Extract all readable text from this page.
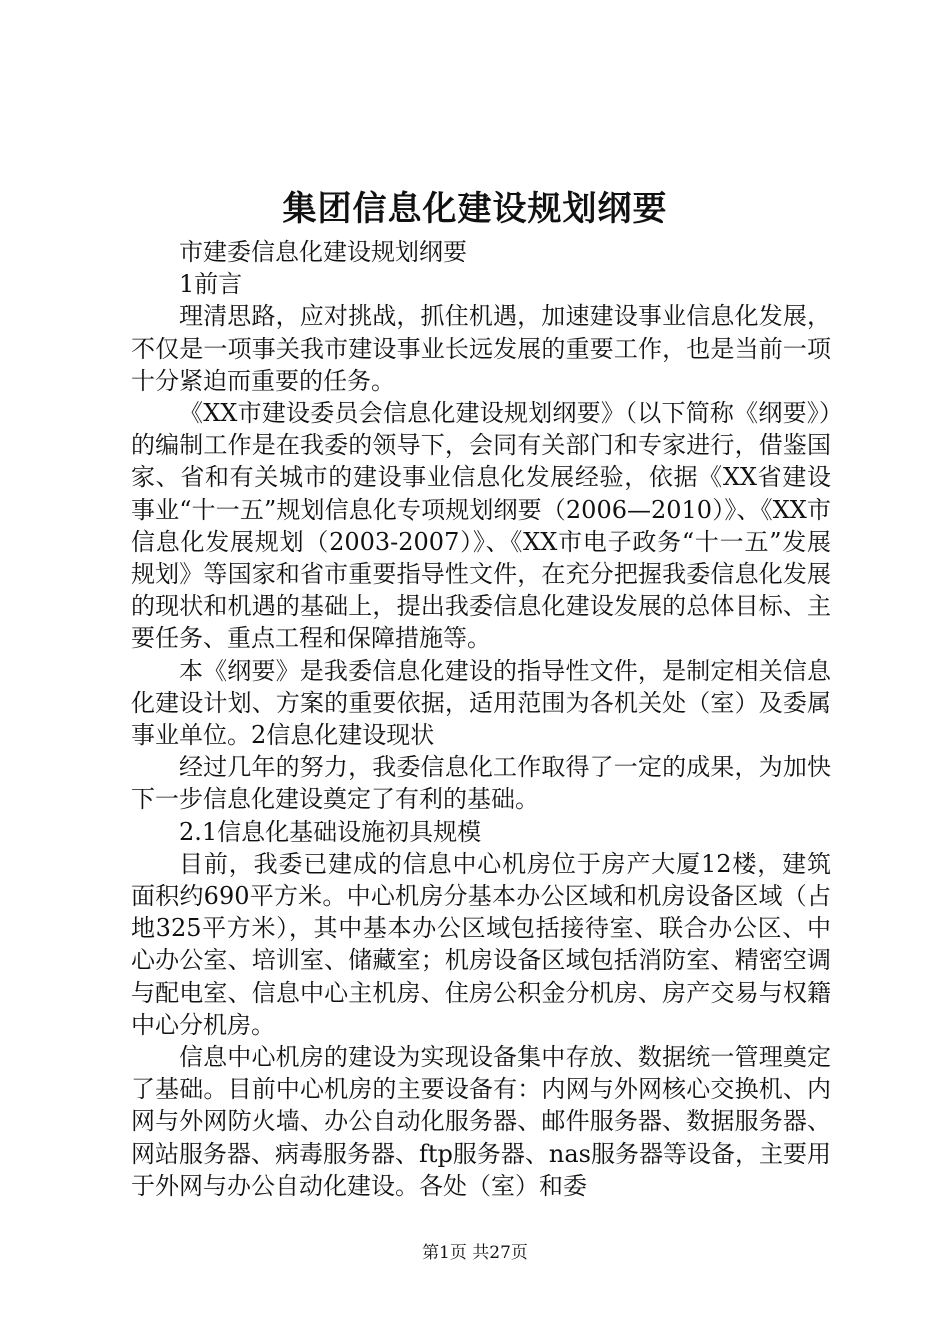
集团信息化建设规划纲要

市建委信息化建设规划纲要

1前言

理清思路，应对挑战，抓住机遇，加速建设事业信息化发展，不仅是一项事关我市建设事业长远发展的重要工作，也是当前一项十分紧迫而重要的任务。

《XX市建设委员会信息化建设规划纲要》（以下简称《纲要》）的编制工作是在我委的领导下，会同有关部门和专家进行，借鉴国家、省和有关城市的建设事业信息化发展经验，依据《XX省建设事业“十一五”规划信息化专项规划纲要（2006—2010）》、《XX市信息化发展规划（2003-2007）》、《XX市电子政务“十一五”发展规划》等国家和省市重要指导性文件，在充分把握我委信息化发展的现状和机遇的基础上，提出我委信息化建设发展的总体目标、主要任务、重点工程和保障措施等。

本《纲要》是我委信息化建设的指导性文件，是制定相关信息化建设计划、方案的重要依据，适用范围为各机关处（室）及委属事业单位。2信息化建设现状

经过几年的努力，我委信息化工作取得了一定的成果，为加快下一步信息化建设奠定了有利的基础。

2.1信息化基础设施初具规模

目前，我委已建成的信息中心机房位于房产大厦12楼，建筑面积约690平方米。中心机房分基本办公区域和机房设备区域（占地325平方米），其中基本办公区域包括接待室、联合办公区、中心办公室、培训室、储藏室；机房设备区域包括消防室、精密空调与配电室、信息中心主机房、住房公积金分机房、房产交易与权籍中心分机房。

信息中心机房的建设为实现设备集中存放、数据统一管理奠定了基础。目前中心机房的主要设备有：内网与外网核心交换机、内网与外网防火墙、办公自动化服务器、邮件服务器、数据服务器、网站服务器、病毒服务器、ftp服务器、nas服务器等设备，主要用于外网与办公自动化建设。各处（室）和委

第1页 共27页
